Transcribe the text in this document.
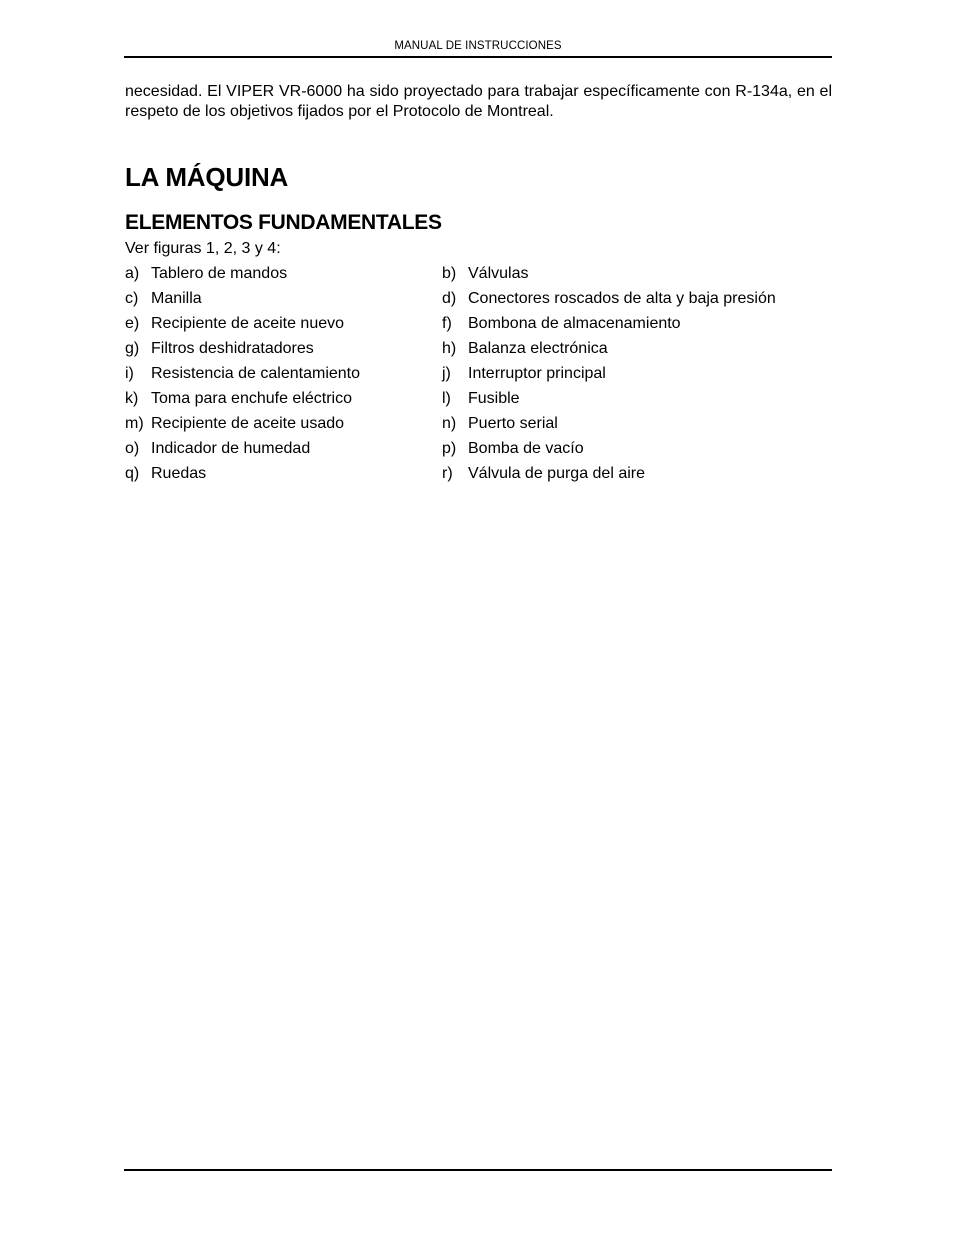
MANUAL DE INSTRUCCIONES

necesidad. El VIPER VR-6000 ha sido proyectado para trabajar específicamente con R-134a, en el respeto de los objetivos fijados por el Protocolo de Montreal.

LA MÁQUINA
ELEMENTOS FUNDAMENTALES

Ver figuras 1, 2, 3 y 4:

a) Tablero de mandos	b) Válvulas
c) Manilla	d) Conectores roscados de alta y baja presión
e) Recipiente de aceite nuevo	f)	Bombona de almacenamiento
g) Filtros deshidratadores	h) Balanza electrónica
i)	Resistencia de calentamiento	j)	Interruptor principal
k) Toma para enchufe eléctrico	l)	Fusible
m) Recipiente de aceite usado	n) Puerto serial
o) Indicador de humedad	p) Bomba de vacío
q) Ruedas	r) Válvula de purga del aire
